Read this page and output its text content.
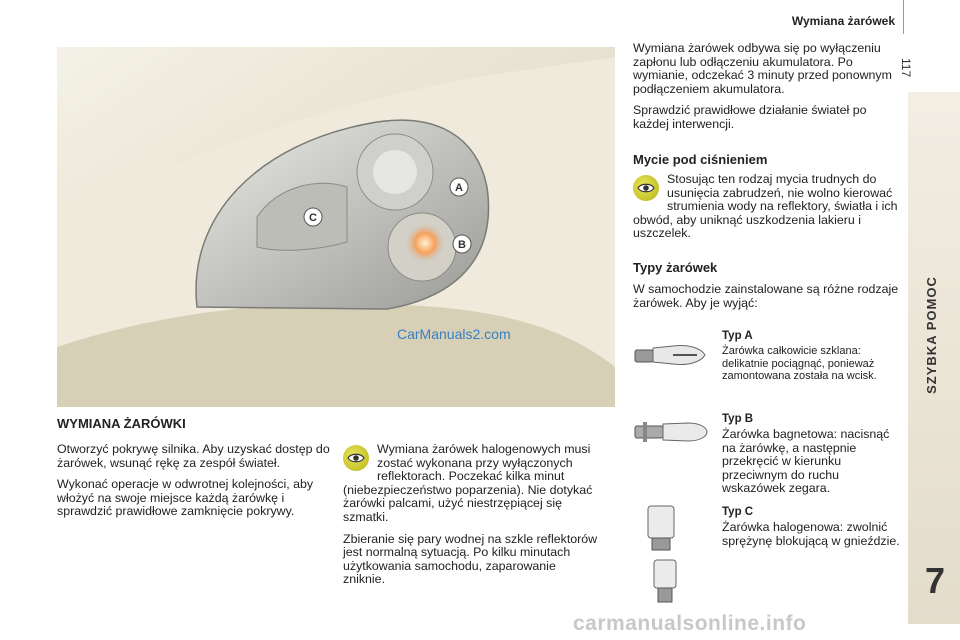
Wymiana żarówek
117
SZYBKA POMOC
7
A
B
C
CarManuals2.com
WYMIANA ŻARÓWKI

Otworzyć pokrywę silnika. Aby uzyskać dostęp do żarówek, wsunąć rękę za zespół świateł.

Wykonać operacje w odwrotnej kolejności, aby włożyć na swoje miejsce każdą żarówkę i sprawdzić prawidłowe zamknięcie pokrywy.

Wymiana żarówek halogenowych musi zostać wykonana przy wyłączonych reflektorach. Poczekać kilka minut (niebezpieczeństwo poparzenia). Nie dotykać żarówki palcami, użyć niestrzępiącej się szmatki.

Zbieranie się pary wodnej na szkle reflektorów jest normalną sytuacją. Po kilku minutach użytkowania samochodu, zaparowanie zniknie.

Wymiana żarówek odbywa się po wyłączeniu zapłonu lub odłączeniu akumulatora. Po wymianie, odczekać 3 minuty przed ponownym podłączeniem akumulatora.

Sprawdzić prawidłowe działanie świateł po każdej interwencji.

Mycie pod ciśnieniem

Stosując ten rodzaj mycia trudnych do usunięcia zabrudzeń, nie wolno kierować strumienia wody na reflektory, światła i ich obwód, aby uniknąć uszkodzenia lakieru i uszczelek.

Typy żarówek

W samochodzie zainstalowane są różne rodzaje żarówek. Aby je wyjąć:

Typ A

Żarówka całkowicie szklana: delikatnie pociągnąć, ponieważ zamontowana została na wcisk.

Typ B

Żarówka bagnetowa: nacisnąć na żarówkę, a następnie przekręcić w kierunku przeciwnym do ruchu wskazówek zegara.

Typ C

Żarówka halogenowa: zwolnić sprężynę blokującą w gnieździe.

carmanualsonline.info
